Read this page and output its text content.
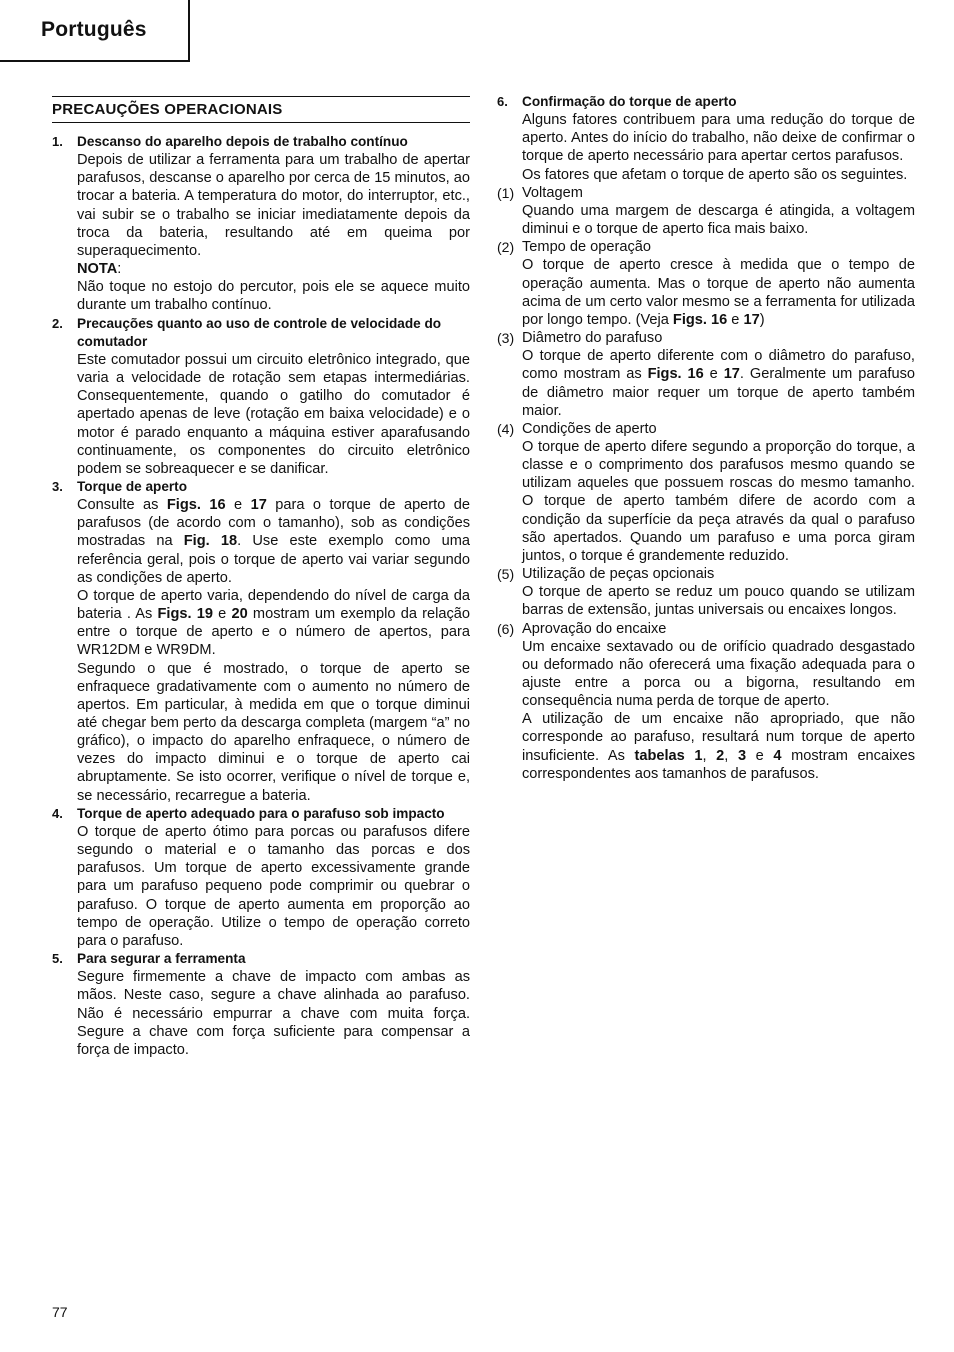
Português
PRECAUÇÕES OPERACIONAIS
1. Descanso do aparelho depois de trabalho contínuo

Depois de utilizar a ferramenta para um trabalho de apertar parafusos, descanse o aparelho por cerca de 15 minutos, ao trocar a bateria. A temperatura do motor, do interruptor, etc., vai subir se o trabalho se iniciar imediatamente depois da troca da bateria, resultando até em queima por superaquecimento.

NOTA:

Não toque no estojo do percutor, pois ele se aquece muito durante um trabalho contínuo.

2. Precauções quanto ao uso de controle de velocidade do comutador

Este comutador possui um circuito eletrônico integrado, que varia a velocidade de rotação sem etapas intermediárias. Consequentemente, quando o gatilho do comutador é apertado apenas de leve (rotação em baixa velocidade) e o motor é parado enquanto a máquina estiver aparafusando continuamente, os componentes do circuito eletrônico podem se sobreaquecer e se danificar.

3. Torque de aperto

Consulte as Figs. 16 e 17 para o torque de aperto de parafusos (de acordo com o tamanho), sob as condições mostradas na Fig. 18. Use este exemplo como uma referência geral, pois o torque de aperto vai variar segundo as condições de aperto.

O torque de aperto varia, dependendo do nível de carga da bateria . As Figs. 19 e 20 mostram um exemplo da relação entre o torque de aperto e o número de apertos, para WR12DM e WR9DM.

Segundo o que é mostrado, o torque de aperto se enfraquece gradativamente com o aumento no número de apertos. Em particular, à medida em que o torque diminui até chegar bem perto da descarga completa (margem “a” no gráfico), o impacto do aparelho enfraquece, o número de vezes do impacto diminui e o torque de aperto cai abruptamente. Se isto ocorrer, verifique o nível de torque e, se necessário, recarregue a bateria.

4. Torque de aperto adequado para o parafuso sob impacto

O torque de aperto ótimo para porcas ou parafusos difere segundo o material e o tamanho das porcas e dos parafusos. Um torque de aperto excessivamente grande para um parafuso pequeno pode comprimir ou quebrar o parafuso. O torque de aperto aumenta em proporção ao tempo de operação. Utilize o tempo de operação correto para o parafuso.

5. Para segurar a ferramenta

Segure firmemente a chave de impacto com ambas as mãos. Neste caso, segure a chave alinhada ao parafuso. Não é necessário empurrar a chave com muita força. Segure a chave com força suficiente para compensar a força de impacto.

6. Confirmação do torque de aperto

Alguns fatores contribuem para uma redução do torque de aperto. Antes do início do trabalho, não deixe de confirmar o torque de aperto necessário para apertar certos parafusos.

Os fatores que afetam o torque de aperto são os seguintes.

(1) Voltagem

Quando uma margem de descarga é atingida, a voltagem diminui e o torque de aperto fica mais baixo.

(2) Tempo de operação

O torque de aperto cresce à medida que o tempo de operação aumenta. Mas o torque de aperto não aumenta acima de um certo valor mesmo se a ferramenta for utilizada por longo tempo. (Veja Figs. 16 e 17)

(3) Diâmetro do parafuso

O torque de aperto diferente com o diâmetro do parafuso, como mostram as Figs. 16 e 17. Geralmente um parafuso de diâmetro maior requer um torque de aperto também maior.

(4) Condições de aperto

O torque de aperto difere segundo a proporção do torque, a classe e o comprimento dos parafusos mesmo quando se utilizam aqueles que possuem roscas do mesmo tamanho. O torque de aperto também difere de acordo com a condição da superfície da peça através da qual o parafuso são apertados. Quando um parafuso e uma porca giram juntos, o torque é grandemente reduzido.

(5) Utilização de peças opcionais

O torque de aperto se reduz um pouco quando se utilizam barras de extensão, juntas universais ou encaixes longos.

(6) Aprovação do encaixe

Um encaixe sextavado ou de orifício quadrado desgastado ou deformado não oferecerá uma fixação adequada para o ajuste entre a porca ou a bigorna, resultando em consequência numa perda de torque de aperto.

A utilização de um encaixe não apropriado, que não corresponde ao parafuso, resultará num torque de aperto insuficiente. As tabelas 1, 2, 3 e 4 mostram encaixes correspondentes aos tamanhos de parafusos.

77
